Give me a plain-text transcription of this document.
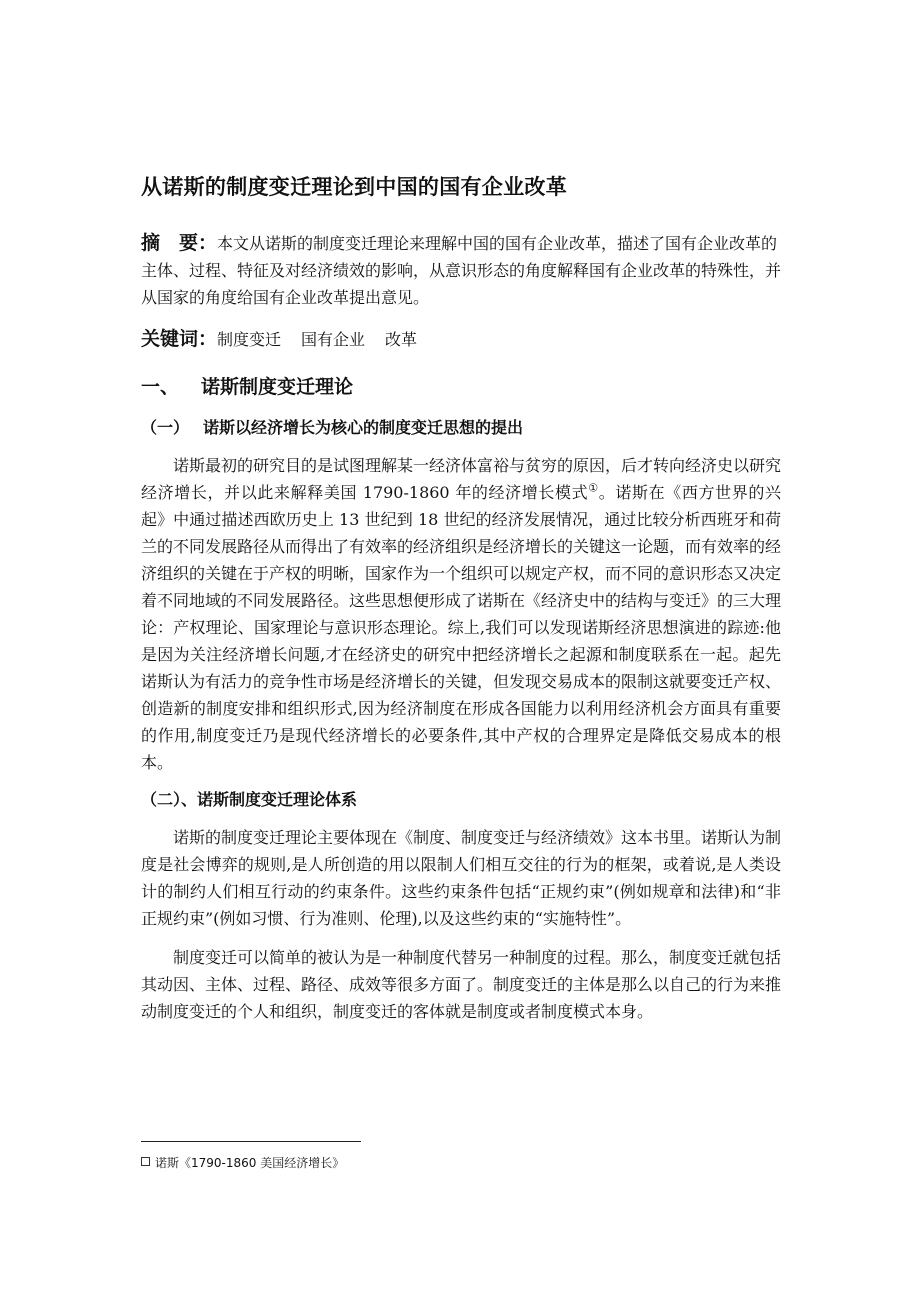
从诺斯的制度变迁理论到中国的国有企业改革

摘　要：本文从诺斯的制度变迁理论来理解中国的国有企业改革，描述了国有企业改革的主体、过程、特征及对经济绩效的影响，从意识形态的角度解释国有企业改革的特殊性，并从国家的角度给国有企业改革提出意见。

关键词：制度变迁 国有企业 改革

一、 诺斯制度变迁理论
（一） 诺斯以经济增长为核心的制度变迁思想的提出

诺斯最初的研究目的是试图理解某一经济体富裕与贫穷的原因，后才转向经济史以研究经济增长，并以此来解释美国 1790-1860 年的经济增长模式①。诺斯在《西方世界的兴起》中通过描述西欧历史上 13 世纪到 18 世纪的经济发展情况，通过比较分析西班牙和荷兰的不同发展路径从而得出了有效率的经济组织是经济增长的关键这一论题，而有效率的经济组织的关键在于产权的明晰，国家作为一个组织可以规定产权，而不同的意识形态又决定着不同地域的不同发展路径。这些思想便形成了诺斯在《经济史中的结构与变迁》的三大理论：产权理论、国家理论与意识形态理论。综上,我们可以发现诺斯经济思想演进的踪迹:他是因为关注经济增长问题,才在经济史的研究中把经济增长之起源和制度联系在一起。起先诺斯认为有活力的竞争性市场是经济增长的关键，但发现交易成本的限制这就要变迁产权、创造新的制度安排和组织形式,因为经济制度在形成各国能力以利用经济机会方面具有重要的作用,制度变迁乃是现代经济增长的必要条件,其中产权的合理界定是降低交易成本的根本。

（二）、诺斯制度变迁理论体系

诺斯的制度变迁理论主要体现在《制度、制度变迁与经济绩效》这本书里。诺斯认为制度是社会博弈的规则,是人所创造的用以限制人们相互交往的行为的框架，或着说,是人类设计的制约人们相互行动的约束条件。这些约束条件包括“正规约束”(例如规章和法律)和“非正规约束”(例如习惯、行为准则、伦理),以及这些约束的“实施特性”。

制度变迁可以简单的被认为是一种制度代替另一种制度的过程。那么，制度变迁就包括其动因、主体、过程、路径、成效等很多方面了。制度变迁的主体是那么以自己的行为来推动制度变迁的个人和组织，制度变迁的客体就是制度或者制度模式本身。

诺斯《1790-1860 美国经济增长》
